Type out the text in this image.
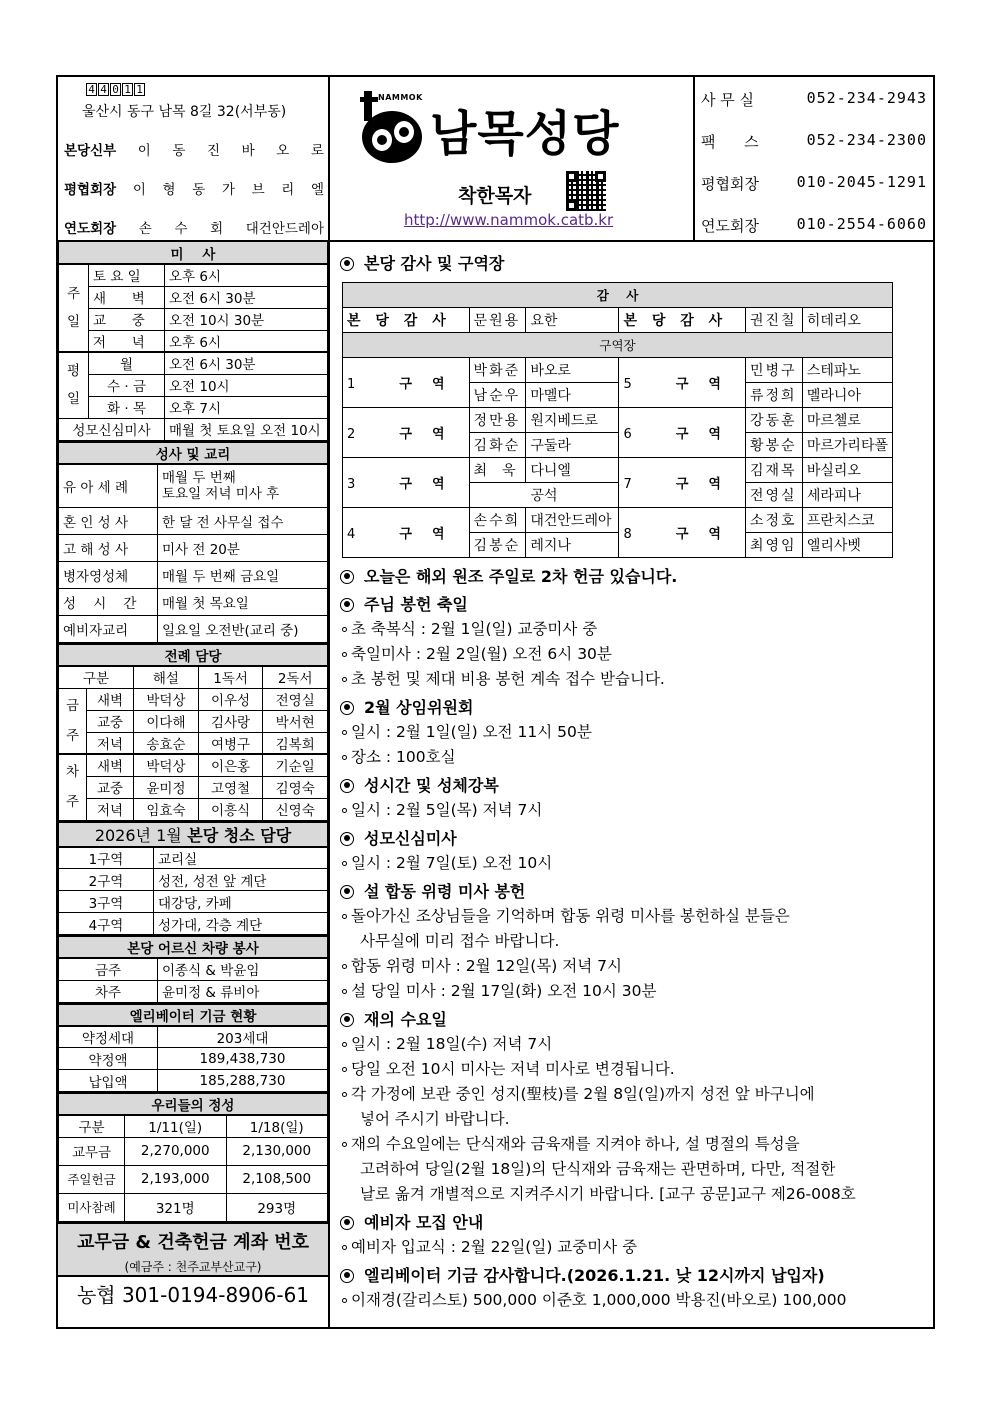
4 4 0 1 1
울산시 동구 남목 8길 32(서부동)
본당신부 이 동 진 바 오 로
평협회장 이 형 동 가 브 리 엘
연도회장 손 수 회 대건안드레아
NAMMOK
남목성당
착한목자
http://www.nammok.catb.kr
사 무 실	052-234-2943
팩      스	052-234-2300
평협회장	010-2045-1291
연도회장	010-2554-6060
미    사		
주
일	토 요 일	오후 6시
	새      벽	오전 6시 30분
	교      중	오전 10시 30분
	저      녁	오후 6시
평
일	월	오전 6시 30분
	수 · 금	오전 10시
	화 · 목	오후 7시
성모신심미사		매월 첫 토요일 오전 10시
성사 및 교리	
유 아 세 례	매월 두 번째
토요일 저녁 미사 후
혼 인 성 사	한 달 전 사무실 접수
고 해 성 사	미사 전 20분
병자영성체	매월 두 번째 금요일
성    시    간	매월 첫 목요일
예비자교리	일요일 오전반(교리 중)
전례 담당				
구분		해설	1독서	2독서
금
주	새벽	박덕상	이우성	전영실
	교중	이다해	김사랑	박서현
	저녁	송효순	여병구	김복희
차
주	새벽	박덕상	이은홍	기순일
	교중	윤미정	고영철	김영숙
	저녁	임효숙	이흥식	신영숙
2026년 1월 본당 청소 담당	
1구역	교리실
2구역	성전, 성전 앞 계단
3구역	대강당, 카페
4구역	성가대, 각층 계단
본당 어르신 차량 봉사	
금주	이종식 & 박윤임
차주	윤미정 & 류비아
엘리베이터 기금 현황	
약정세대	203세대
약정액	189,438,730
납입액	185,288,730
우리들의 정성		
구분	1/11(일)	1/18(일)
교무금	2,270,000	2,130,000
주일헌금	2,193,000	2,108,500
미사참례	321명	293명
교무금 & 건축헌금 계좌 번호
(예금주 : 천주교부산교구)
농협 301-0194-8906-61
본당 감사 및 구역장
감    사					
본 당 감 사	문원용	요한	본 당 감 사	권진칠	히데리오
구역장					
1 구역	박화준	바오로	5 구역	민병구	스테파노
	남순우	마멜다		류정희	멜라니아
2 구역	정만용	원지베드로	6 구역	강동훈	마르첼로
	김화순	구둘라		황봉순	마르가리타폴
3 구역	최  욱	다니엘	7 구역	김재목	바실리오
	공석			전영실	세라피나
4 구역	손수희	대건안드레아	8 구역	소정호	프란치스코
	김봉순	레지나		최영임	엘리사벳
오늘은 해외 원조 주일로 2차 헌금 있습니다.
주님 봉헌 축일
초 축복식 : 2월 1일(일) 교중미사 중
축일미사 : 2월 2일(월) 오전 6시 30분
초 봉헌 및 제대 비용 봉헌 계속 접수 받습니다.
2월 상임위원회
일시 : 2월 1일(일) 오전 11시 50분
장소 : 100호실
성시간 및 성체강복
일시 : 2월 5일(목) 저녁 7시
성모신심미사
일시 : 2월 7일(토) 오전 10시
설 합동 위령 미사 봉헌
돌아가신 조상님들을 기억하며 합동 위령 미사를 봉헌하실 분들은
사무실에 미리 접수 바랍니다.
합동 위령 미사 : 2월 12일(목) 저녁 7시
설 당일 미사 : 2월 17일(화) 오전 10시 30분
재의 수요일
일시 : 2월 18일(수) 저녁 7시
당일 오전 10시 미사는 저녁 미사로 변경됩니다.
각 가정에 보관 중인 성지(聖枝)를 2월 8일(일)까지 성전 앞 바구니에
넣어 주시기 바랍니다.
재의 수요일에는 단식재와 금육재를 지켜야 하나, 설 명절의 특성을
고려하여 당일(2월 18일)의 단식재와 금육재는 관면하며, 다만, 적절한
날로 옮겨 개별적으로 지켜주시기 바랍니다. [교구 공문]교구 제26-008호
예비자 모집 안내
예비자 입교식 : 2월 22일(일) 교중미사 중
엘리베이터 기금 감사합니다.(2026.1.21. 낮 12시까지 납입자)
이재경(갈리스토) 500,000 이준호 1,000,000 박용진(바오로) 100,000
